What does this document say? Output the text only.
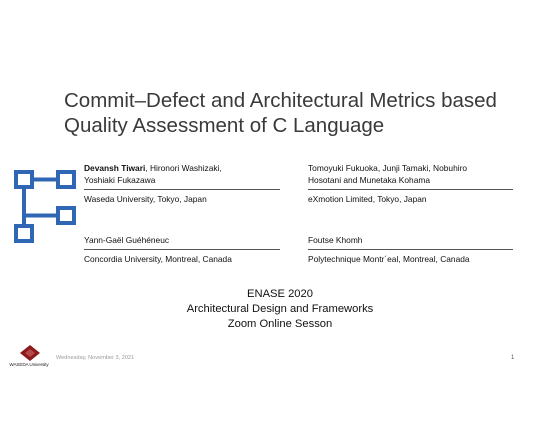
Commit–Defect and Architectural Metrics based
Quality Assessment of C Language
Devansh Tiwari, Hironori Washizaki,
Yoshiaki Fukazawa
Waseda University, Tokyo, Japan
Tomoyuki Fukuoka, Junji Tamaki, Nobuhiro
Hosotani and Munetaka Kohama
eXmotion Limited, Tokyo, Japan
Yann-Gaël Guéhéneuc
Concordia University, Montreal, Canada
Foutse Khomh
Polytechnique Montr´eal, Montreal, Canada
ENASE 2020
Architectural Design and Frameworks
Zoom Online Sesson
WASEDA University
Wednesday, November 3, 2021	1
